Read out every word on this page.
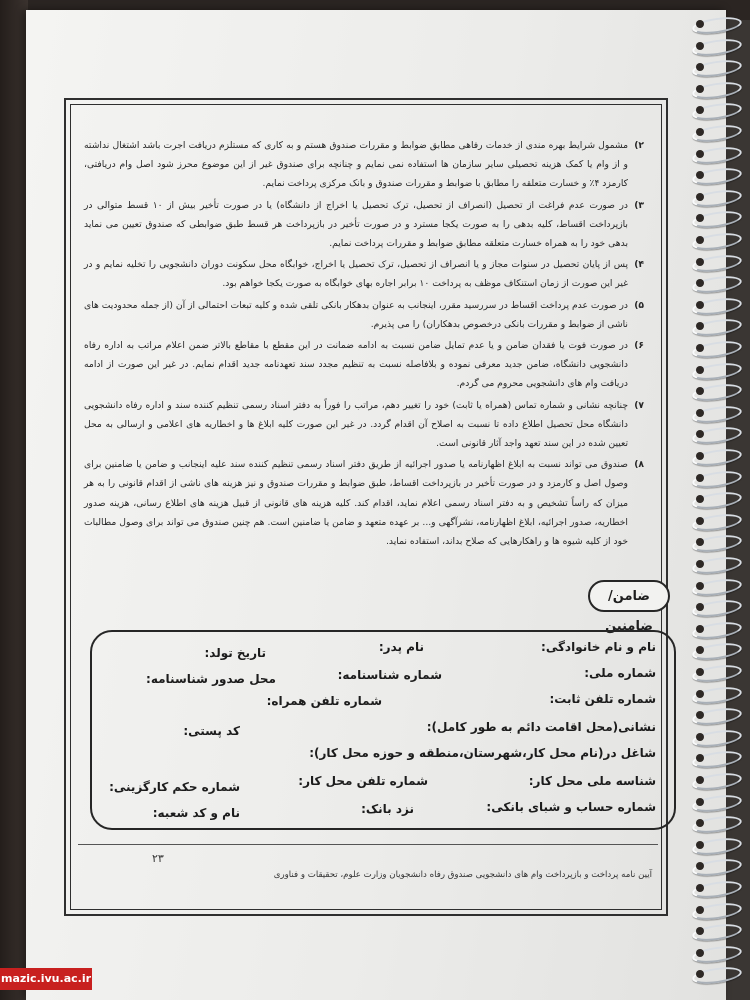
۲)
مشمول شرایط بهره مندی از خدمات رفاهی مطابق ضوابط و مقررات صندوق هستم و به کاری که مستلزم دریافت اجرت باشد اشتغال نداشته و از وام یا کمک هزینه تحصیلی سایر سازمان ها استفاده نمی نمایم و چنانچه برای صندوق غیر از این موضوع محرز شود اصل وام دریافتی، کارمزد ۴٪ و خسارت متعلقه را مطابق با ضوابط و مقررات صندوق و بانک مرکزی پرداخت نمایم.
۳)
در صورت عدم فراغت از تحصیل (انصراف از تحصیل، ترک تحصیل یا اخراج از دانشگاه) یا در صورت تأخیر بیش از ۱۰ قسط متوالی در بازپرداخت اقساط، کلیه بدهی را به صورت یکجا مسترد و در صورت تأخیر در بازپرداخت هر قسط طبق ضوابطی که صندوق تعیین می نماید بدهی خود را به همراه خسارت متعلقه مطابق ضوابط و مقررات پرداخت نمایم.
۴)
پس از پایان تحصیل در سنوات مجاز و یا انصراف از تحصیل، ترک تحصیل یا اخراج، خوابگاه محل سکونت دوران دانشجویی را تخلیه نمایم و در غیر این صورت از زمان استنکاف موظف به پرداخت ۱۰ برابر اجاره بهای خوابگاه به صورت یکجا خواهم بود.
۵)
در صورت عدم پرداخت اقساط در سررسید مقرر، اینجانب به عنوان بدهکار بانکی تلقی شده و کلیه تبعات احتمالی از آن (از جمله محدودیت های ناشی از ضوابط و مقررات بانکی درخصوص بدهکاران) را می پذیرم.
۶)
در صورت فوت یا فقدان ضامن و یا عدم تمایل ضامن نسبت به ادامه ضمانت در این مقطع با مقاطع بالاتر ضمن اعلام مراتب به اداره رفاه دانشجویی دانشگاه، ضامن جدید معرفی نموده و بلافاصله نسبت به تنظیم مجدد سند تعهدنامه جدید اقدام نمایم. در غیر این صورت از ادامه دریافت وام های دانشجویی محروم می گردم.
۷)
چنانچه نشانی و شماره تماس (همراه یا ثابت) خود را تغییر دهم، مراتب را فوراً به دفتر اسناد رسمی تنظیم کننده سند و اداره رفاه دانشجویی دانشگاه محل تحصیل اطلاع داده تا نسبت به اصلاح آن اقدام گردد. در غیر این صورت کلیه ابلاغ ها و اخطاریه های اعلامی و ارسالی به محل تعیین شده در این سند تعهد واجد آثار قانونی است.
۸)
صندوق می تواند نسبت به ابلاغ اظهارنامه یا صدور اجرائیه از طریق دفتر اسناد رسمی تنظیم کننده سند علیه اینجانب و ضامن یا ضامنین برای وصول اصل و کارمزد و در صورت تأخیر در بازپرداخت اقساط، طبق ضوابط و مقررات صندوق و نیز هزینه های ناشی از اقدام قانونی را به هر میزان که راساً تشخیص و به دفتر اسناد رسمی اعلام نماید، اقدام کند. کلیه هزینه های قانونی از قبیل هزینه های اطلاع رسانی، هزینه صدور اخطاریه، صدور اجرائیه، ابلاغ اظهارنامه، نشرآگهی و... بر عهده متعهد و ضامن یا ضامنین است. هم چنین صندوق می تواند برای وصول مطالبات خود از کلیه شیوه ها و راهکارهایی که صلاح بداند، استفاده نماید.
ضامن/ضامنین
نام و نام خانوادگی:
نام پدر:
تاریخ تولد:
شماره ملی:
شماره شناسنامه:
محل صدور شناسنامه:
شماره تلفن ثابت:
شماره تلفن همراه:
نشانی(محل اقامت دائم به طور کامل):
کد پستی:
شاغل در(نام محل کار،شهرستان،منطقه و حوزه محل کار):
شناسه ملی محل کار:
شماره تلفن محل کار:
شماره حکم کارگزینی:
شماره حساب و شبای بانکی:
نزد بانک:
نام و کد شعبه:
۲۳
آیین نامه پرداخت و بازپرداخت وام های دانشجویی صندوق رفاه دانشجویان وزارت علوم، تحقیقات و فناوری
mazic.ivu.ac.ir
